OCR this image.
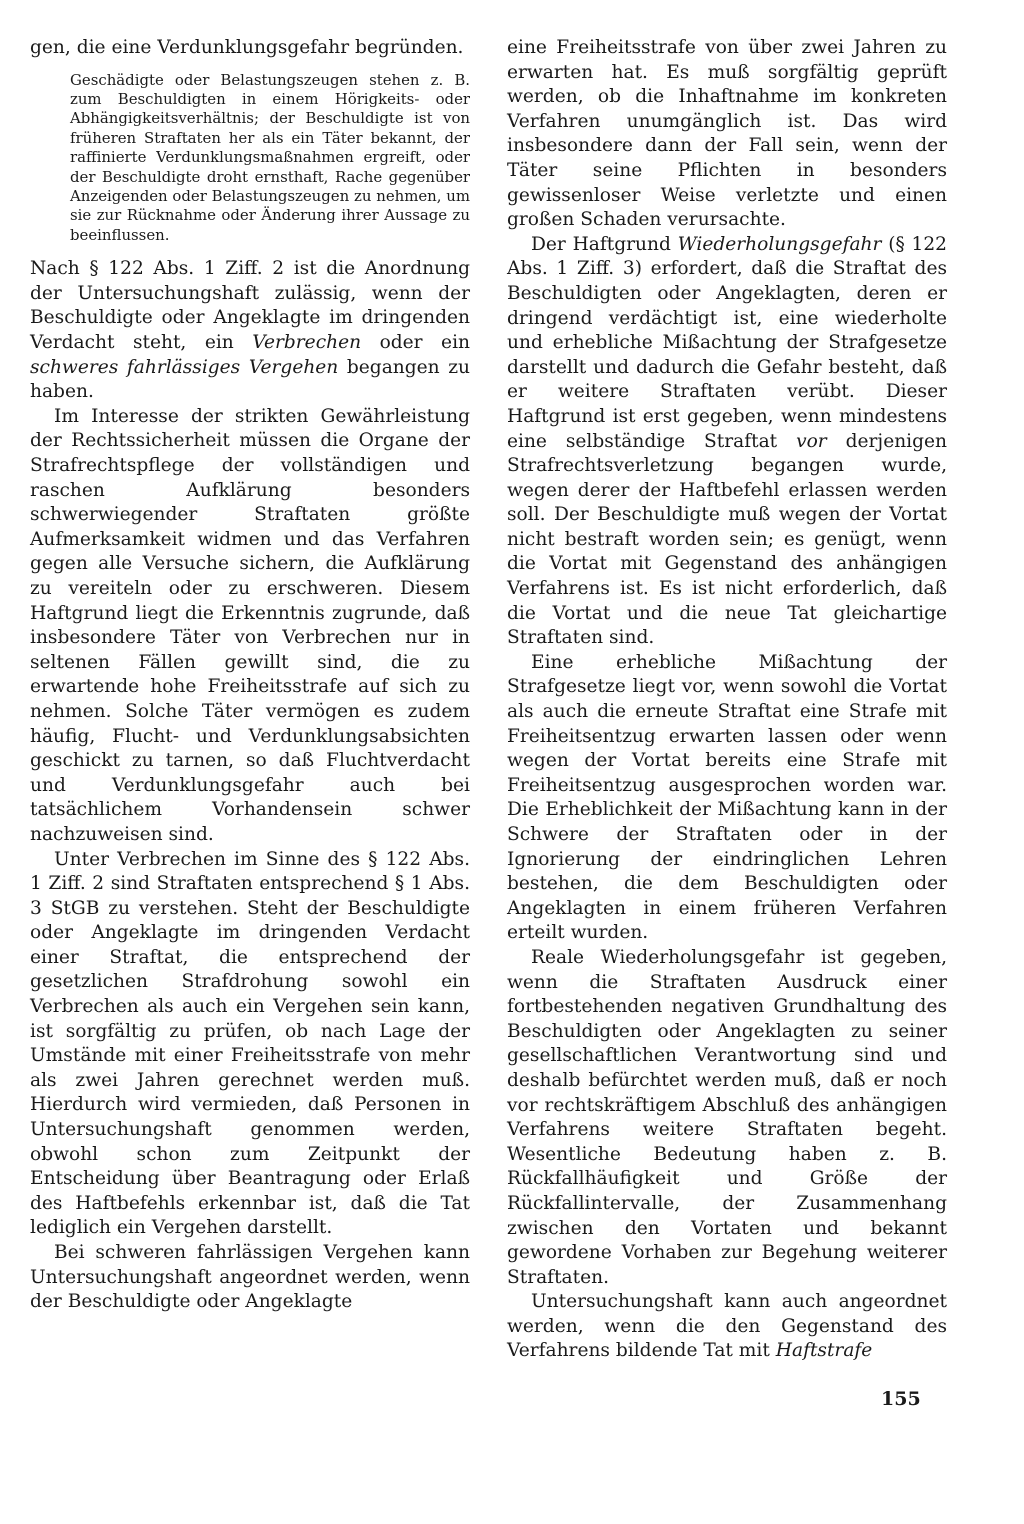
gen, die eine Verdunklungsgefahr begründen.

Geschädigte oder Belastungszeugen stehen z. B. zum Beschuldigten in einem Hörigkeits- oder Abhängigkeitsverhältnis; der Beschuldigte ist von früheren Straftaten her als ein Täter bekannt, der raffinierte Verdunklungsmaßnahmen ergreift, oder der Beschuldigte droht ernsthaft, Rache gegenüber Anzeigenden oder Belastungszeugen zu nehmen, um sie zur Rücknahme oder Änderung ihrer Aussage zu beeinflussen.

Nach § 122 Abs. 1 Ziff. 2 ist die Anordnung der Untersuchungshaft zulässig, wenn der Beschuldigte oder Angeklagte im dringenden Verdacht steht, ein Verbrechen oder ein schweres fahrlässiges Vergehen begangen zu haben.

Im Interesse der strikten Gewährleistung der Rechtssicherheit müssen die Organe der Strafrechtspflege der vollständigen und raschen Aufklärung besonders schwerwiegender Straftaten größte Aufmerksamkeit widmen und das Verfahren gegen alle Versuche sichern, die Aufklärung zu vereiteln oder zu erschweren. Diesem Haftgrund liegt die Erkenntnis zugrunde, daß insbesondere Täter von Verbrechen nur in seltenen Fällen gewillt sind, die zu erwartende hohe Freiheitsstrafe auf sich zu nehmen. Solche Täter vermögen es zudem häufig, Flucht- und Verdunklungsabsichten geschickt zu tarnen, so daß Fluchtverdacht und Verdunklungsgefahr auch bei tatsächlichem Vorhandensein schwer nachzuweisen sind.

Unter Verbrechen im Sinne des § 122 Abs. 1 Ziff. 2 sind Straftaten entsprechend § 1 Abs. 3 StGB zu verstehen. Steht der Beschuldigte oder Angeklagte im dringenden Verdacht einer Straftat, die entsprechend der gesetzlichen Strafdrohung sowohl ein Verbrechen als auch ein Vergehen sein kann, ist sorgfältig zu prüfen, ob nach Lage der Umstände mit einer Freiheitsstrafe von mehr als zwei Jahren gerechnet werden muß. Hierdurch wird vermieden, daß Personen in Untersuchungshaft genommen werden, obwohl schon zum Zeitpunkt der Entscheidung über Beantragung oder Erlaß des Haftbefehls erkennbar ist, daß die Tat lediglich ein Vergehen darstellt.

Bei schweren fahrlässigen Vergehen kann Untersuchungshaft angeordnet werden, wenn der Beschuldigte oder Angeklagte

eine Freiheitsstrafe von über zwei Jahren zu erwarten hat. Es muß sorgfältig geprüft werden, ob die Inhaftnahme im konkreten Verfahren unumgänglich ist. Das wird insbesondere dann der Fall sein, wenn der Täter seine Pflichten in besonders gewissenloser Weise verletzte und einen großen Schaden verursachte.

Der Haftgrund Wiederholungsgefahr (§ 122 Abs. 1 Ziff. 3) erfordert, daß die Straftat des Beschuldigten oder Angeklagten, deren er dringend verdächtigt ist, eine wiederholte und erhebliche Mißachtung der Strafgesetze darstellt und dadurch die Gefahr besteht, daß er weitere Straftaten verübt. Dieser Haftgrund ist erst gegeben, wenn mindestens eine selbständige Straftat vor derjenigen Strafrechtsverletzung begangen wurde, wegen derer der Haftbefehl erlassen werden soll. Der Beschuldigte muß wegen der Vortat nicht bestraft worden sein; es genügt, wenn die Vortat mit Gegenstand des anhängigen Verfahrens ist. Es ist nicht erforderlich, daß die Vortat und die neue Tat gleichartige Straftaten sind.

Eine erhebliche Mißachtung der Strafgesetze liegt vor, wenn sowohl die Vortat als auch die erneute Straftat eine Strafe mit Freiheitsentzug erwarten lassen oder wenn wegen der Vortat bereits eine Strafe mit Freiheitsentzug ausgesprochen worden war. Die Erheblichkeit der Mißachtung kann in der Schwere der Straftaten oder in der Ignorierung der eindringlichen Lehren bestehen, die dem Beschuldigten oder Angeklagten in einem früheren Verfahren erteilt wurden.

Reale Wiederholungsgefahr ist gegeben, wenn die Straftaten Ausdruck einer fortbestehenden negativen Grundhaltung des Beschuldigten oder Angeklagten zu seiner gesellschaftlichen Verantwortung sind und deshalb befürchtet werden muß, daß er noch vor rechtskräftigem Abschluß des anhängigen Verfahrens weitere Straftaten begeht. Wesentliche Bedeutung haben z. B. Rückfallhäufigkeit und Größe der Rückfallintervalle, der Zusammenhang zwischen den Vortaten und bekannt gewordene Vorhaben zur Begehung weiterer Straftaten.

Untersuchungshaft kann auch angeordnet werden, wenn die den Gegenstand des Verfahrens bildende Tat mit Haftstrafe

155
